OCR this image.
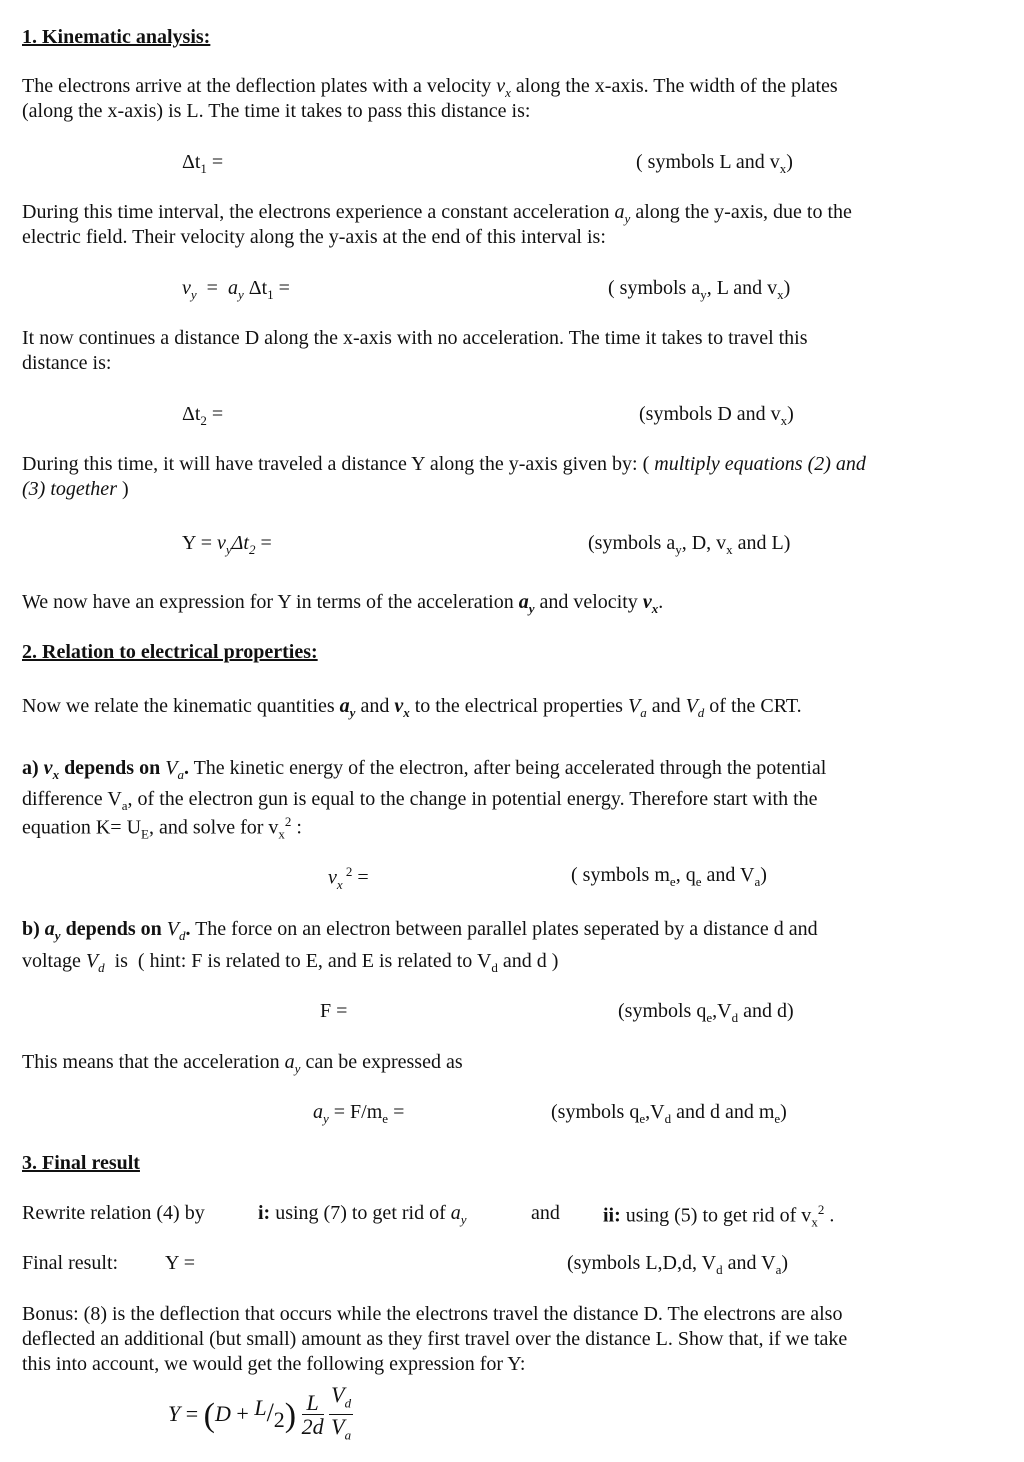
1. Kinematic analysis:
The electrons arrive at the deflection plates with a velocity $v_x$ along the x-axis. The width of the plates
(along the x-axis) is L. The time it takes to pass this distance is:
$\Delta t_1$ =	( symbols L and $v_x$)
During this time interval, the electrons experience a constant acceleration $a_y$ along the y-axis, due to the
electric field. Their velocity along the y-axis at the end of this interval is:
$v_y = a_y$ $\Delta t_1$ =	( symbols $a_y$, L and $v_x$)
It now continues a distance D along the x-axis with no acceleration. The time it takes to travel this
distance is:
$\Delta t_2$ =	(symbols D and $v_x$)
During this time, it will have traveled a distance Y along the y-axis given by: ( multiply equations (2) and
(3) together )
$Y = v_y\Delta t_2$ =	(symbols $a_y$, D, $v_x$ and L)
We now have an expression for Y in terms of the acceleration $a_y$ and velocity $v_x$.
2. Relation to electrical properties:
Now we relate the kinematic quantities $a_y$ and $v_x$ to the electrical properties $V_a$ and $V_d$ of the CRT.
a) $v_x$ depends on $V_a$. The kinetic energy of the electron, after being accelerated through the potential
difference $V_a$, of the electron gun is equal to the change in potential energy. Therefore start with the
equation $K= U_E$, and solve for $v_x^2$ :
$v_x$ $^2$ =	( symbols $m_e$, $q_e$ and $V_a$)
b) $a_y$ depends on $V_d$. The force on an electron between parallel plates seperated by a distance d and
voltage $V_d$  is  ( hint: F is related to E, and E is related to $V_d$ and d )
F =	(symbols $q_e,V_d$ and d)
This means that the acceleration $a_y$ can be expressed as
$a_y = F/m_e$ =	(symbols $q_e,V_d$ and d and $m_e$)
3. Final result
Rewrite relation (4) by	i: using (7) to get rid of $a_y$	and ii: using (5) to get rid of $v_x^2$ .
Final result: Y =	(symbols L,D,d, $V_d$ and $V_a$)
Bonus: (8) is the deflection that occurs while the electrons travel the distance D. The electrons are also
deflected an additional (but small) amount as they first travel over the distance L. Show that, if we take
this into account, we would get the following expression for Y:
$Y = (D + L/2) \frac{L}{2d}$
$\frac{V_d}{V_a}$
